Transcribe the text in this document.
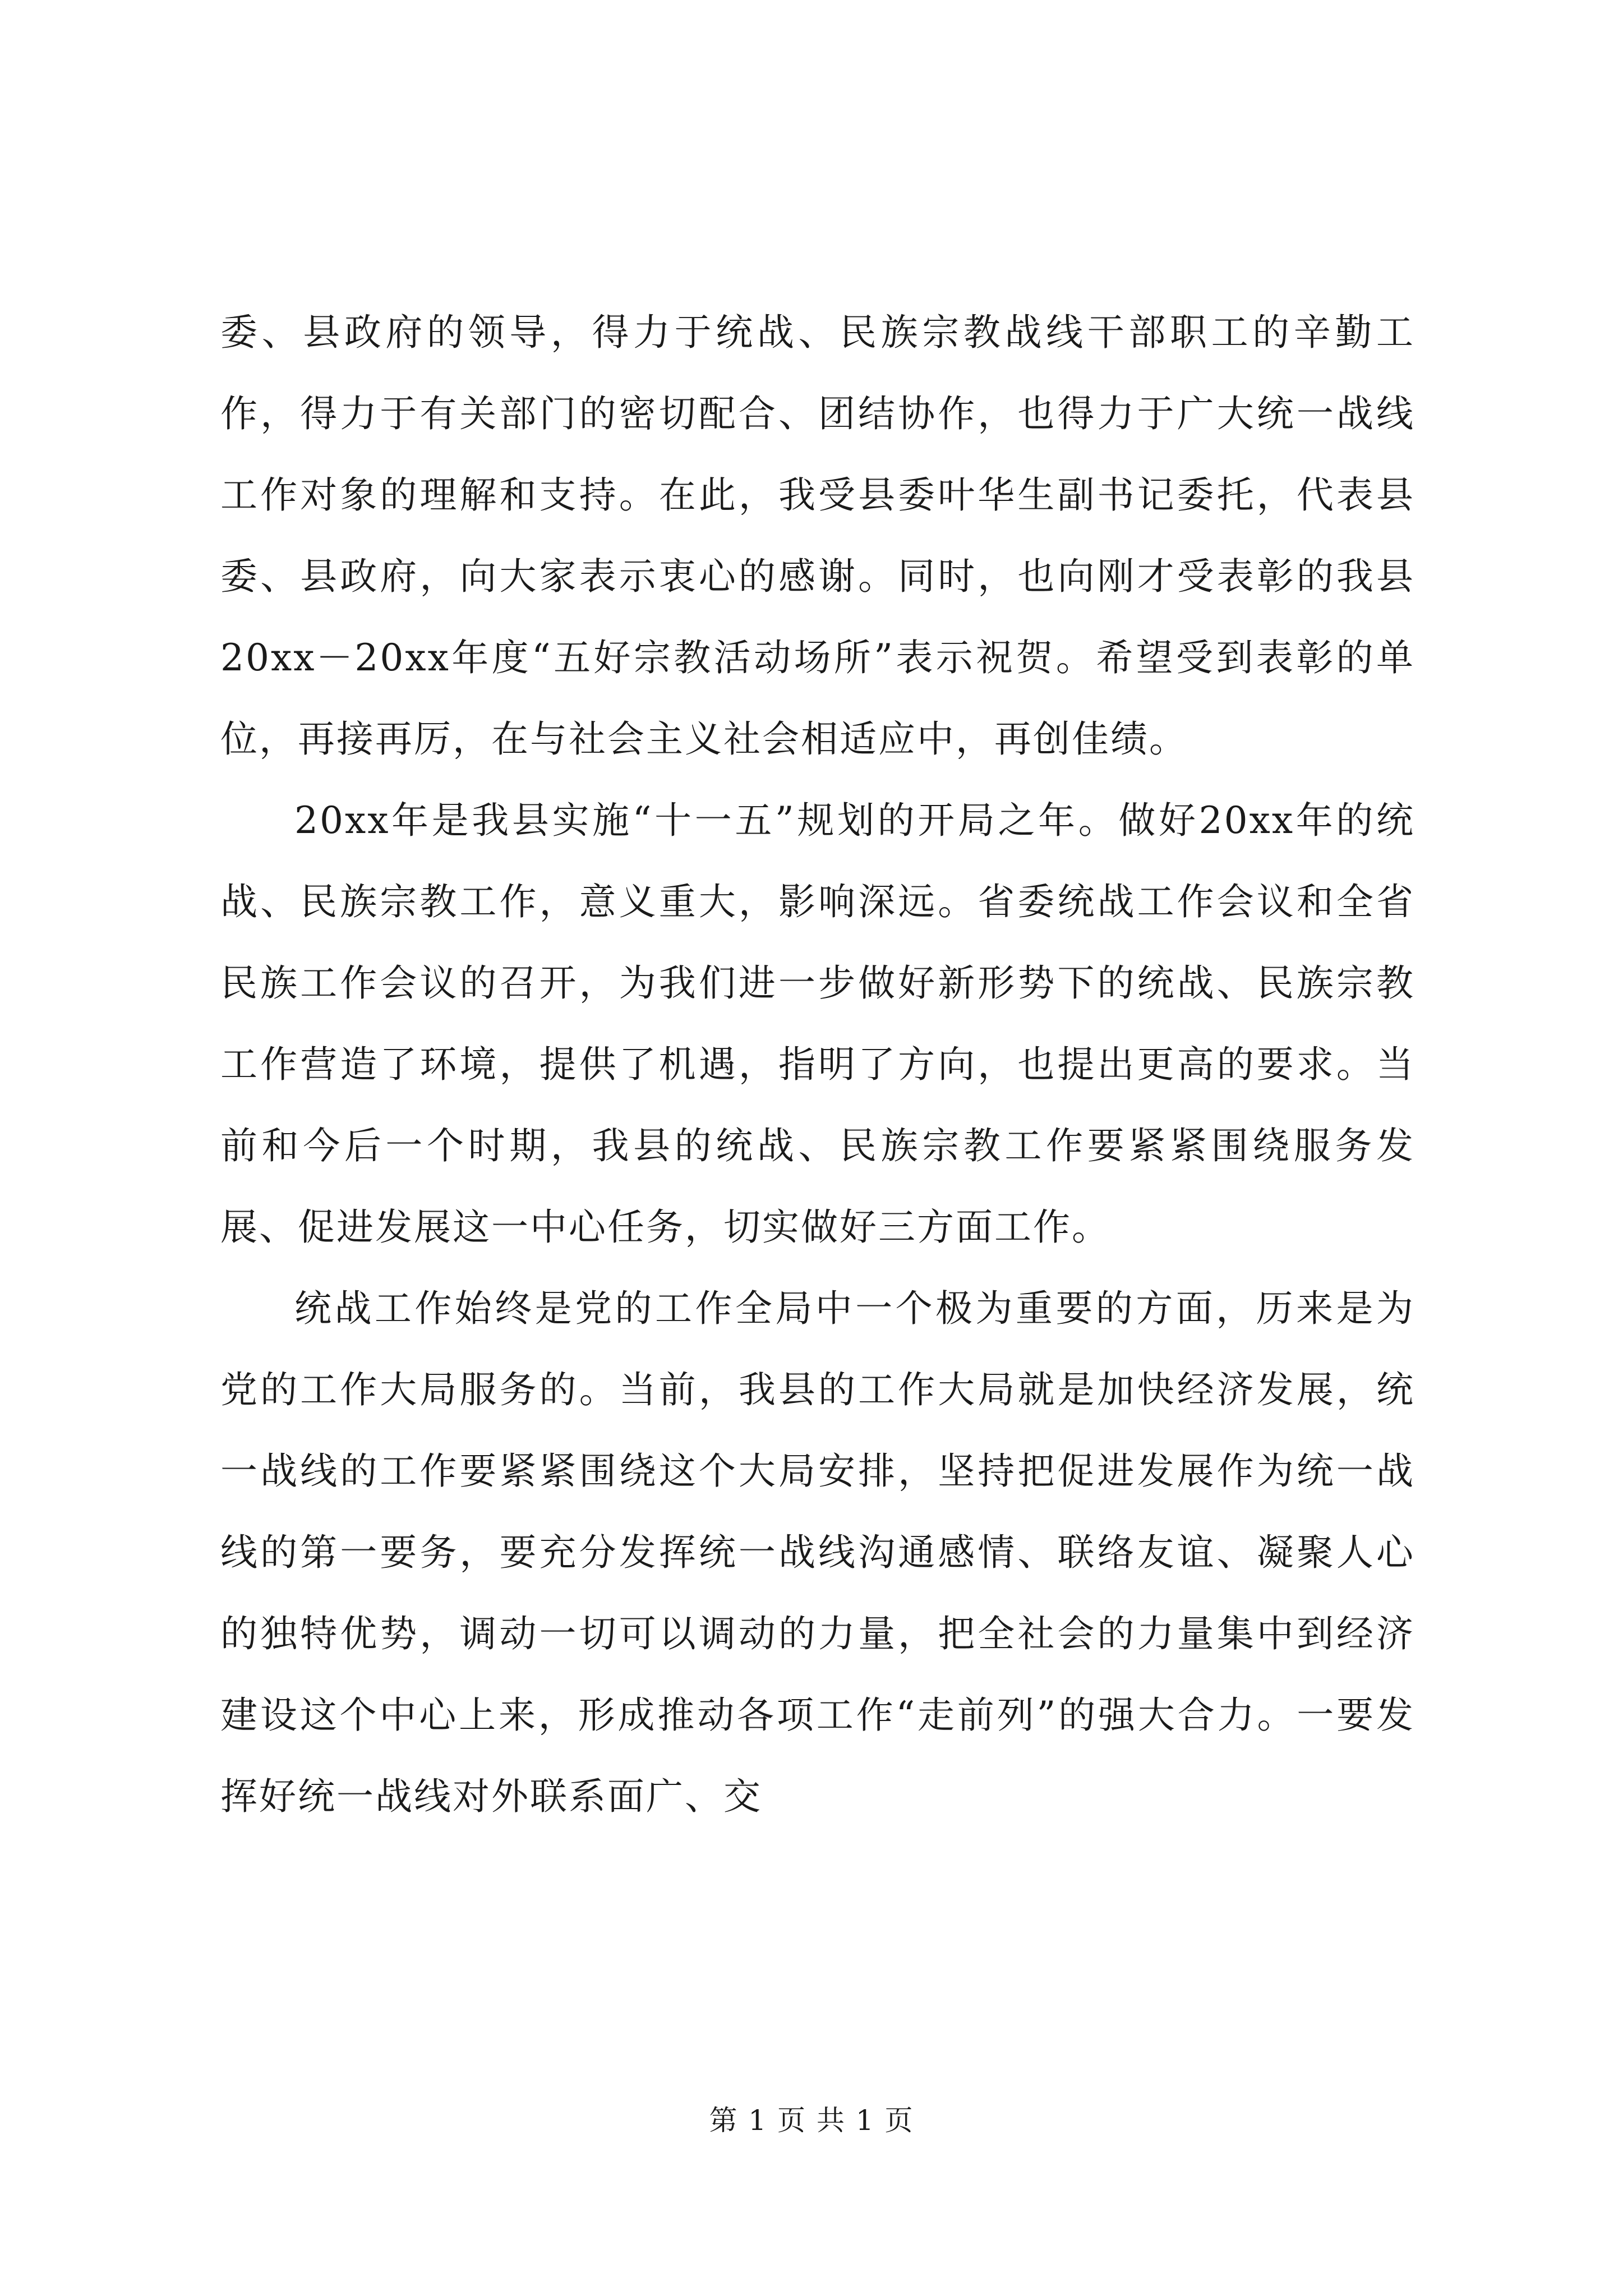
委、县政府的领导，得力于统战、民族宗教战线干部职工的辛勤工作，得力于有关部门的密切配合、团结协作，也得力于广大统一战线工作对象的理解和支持。在此，我受县委叶华生副书记委托，代表县委、县政府，向大家表示衷心的感谢。同时，也向刚才受表彰的我县20xx－20xx年度“五好宗教活动场所”表示祝贺。希望受到表彰的单位，再接再厉，在与社会主义社会相适应中，再创佳绩。

20xx年是我县实施“十一五”规划的开局之年。做好20xx年的统战、民族宗教工作，意义重大，影响深远。省委统战工作会议和全省民族工作会议的召开，为我们进一步做好新形势下的统战、民族宗教工作营造了环境，提供了机遇，指明了方向，也提出更高的要求。当前和今后一个时期，我县的统战、民族宗教工作要紧紧围绕服务发展、促进发展这一中心任务，切实做好三方面工作。

统战工作始终是党的工作全局中一个极为重要的方面，历来是为党的工作大局服务的。当前，我县的工作大局就是加快经济发展，统一战线的工作要紧紧围绕这个大局安排，坚持把促进发展作为统一战线的第一要务，要充分发挥统一战线沟通感情、联络友谊、凝聚人心的独特优势，调动一切可以调动的力量，把全社会的力量集中到经济建设这个中心上来，形成推动各项工作“走前列”的强大合力。一要发挥好统一战线对外联系面广、交

第 1 页 共 1 页
